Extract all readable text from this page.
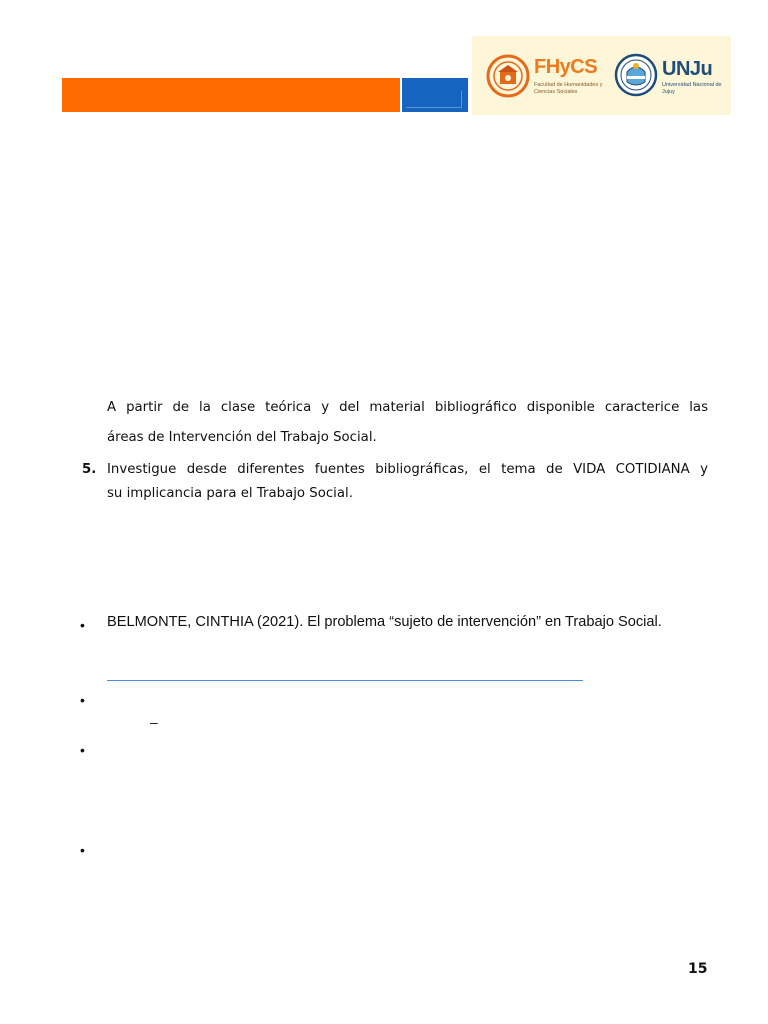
FHyCS
Facultad de Humanidades y Ciencias Sociales
UNJu
Universidad Nacional de Jujuy
A partir de la clase teórica y del material bibliográfico disponible caracterice las
áreas de Intervención del Trabajo Social.
5. Investigue desde diferentes fuentes bibliográficas, el tema de VIDA COTIDIANA y
su implicancia para el Trabajo Social.
• BELMONTE, CINTHIA (2021). El problema “sujeto de intervención” en Trabajo Social.
•
–
•
•
15
